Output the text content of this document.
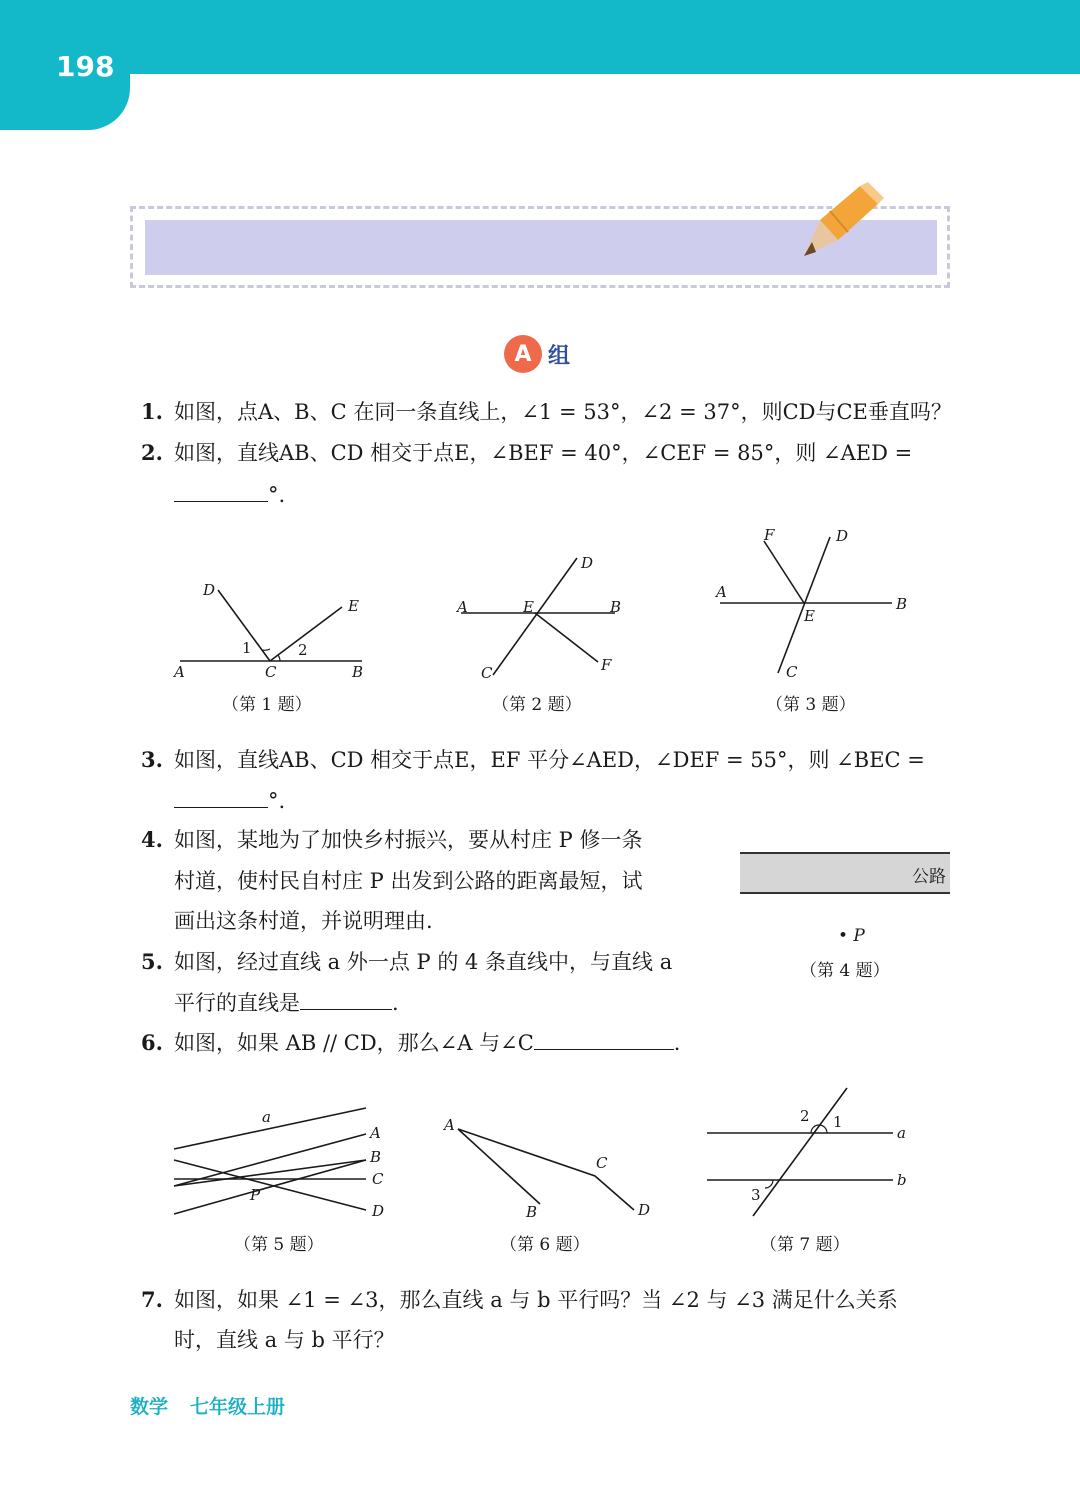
198
A 组
1. 如图，点A、B、C 在同一条直线上，∠1 = 53°，∠2 = 37°，则CD与CE垂直吗？
2. 如图，直线AB、CD 相交于点E，∠BEF = 40°，∠CEF = 85°，则 ∠AED =
°.
D
E
A	C	B
1	2
（第 1 题）
D
A	E	B
C	F
（第 2 题）
F	D
A
B
E
C
（第 3 题）
3. 如图，直线AB、CD 相交于点E，EF 平分∠AED，∠DEF = 55°，则 ∠BEC =
°.
4. 如图，某地为了加快乡村振兴，要从村庄 P 修一条
村道，使村民自村庄 P 出发到公路的距离最短，试
画出这条村道，并说明理由.
公路
• P
（第 4 题）
5. 如图，经过直线 a 外一点 P 的 4 条直线中，与直线 a
平行的直线是	.
6. 如图，如果 AB // CD，那么∠A 与∠C	.
a
A
B
C
D
P
（第 5 题）
A
B
C
D
（第 6 题）
a
b
1
2
3
（第 7 题）
7. 如图，如果 ∠1 = ∠3，那么直线 a 与 b 平行吗？当 ∠2 与 ∠3 满足什么关系
时，直线 a 与 b 平行？
数学 七年级上册
